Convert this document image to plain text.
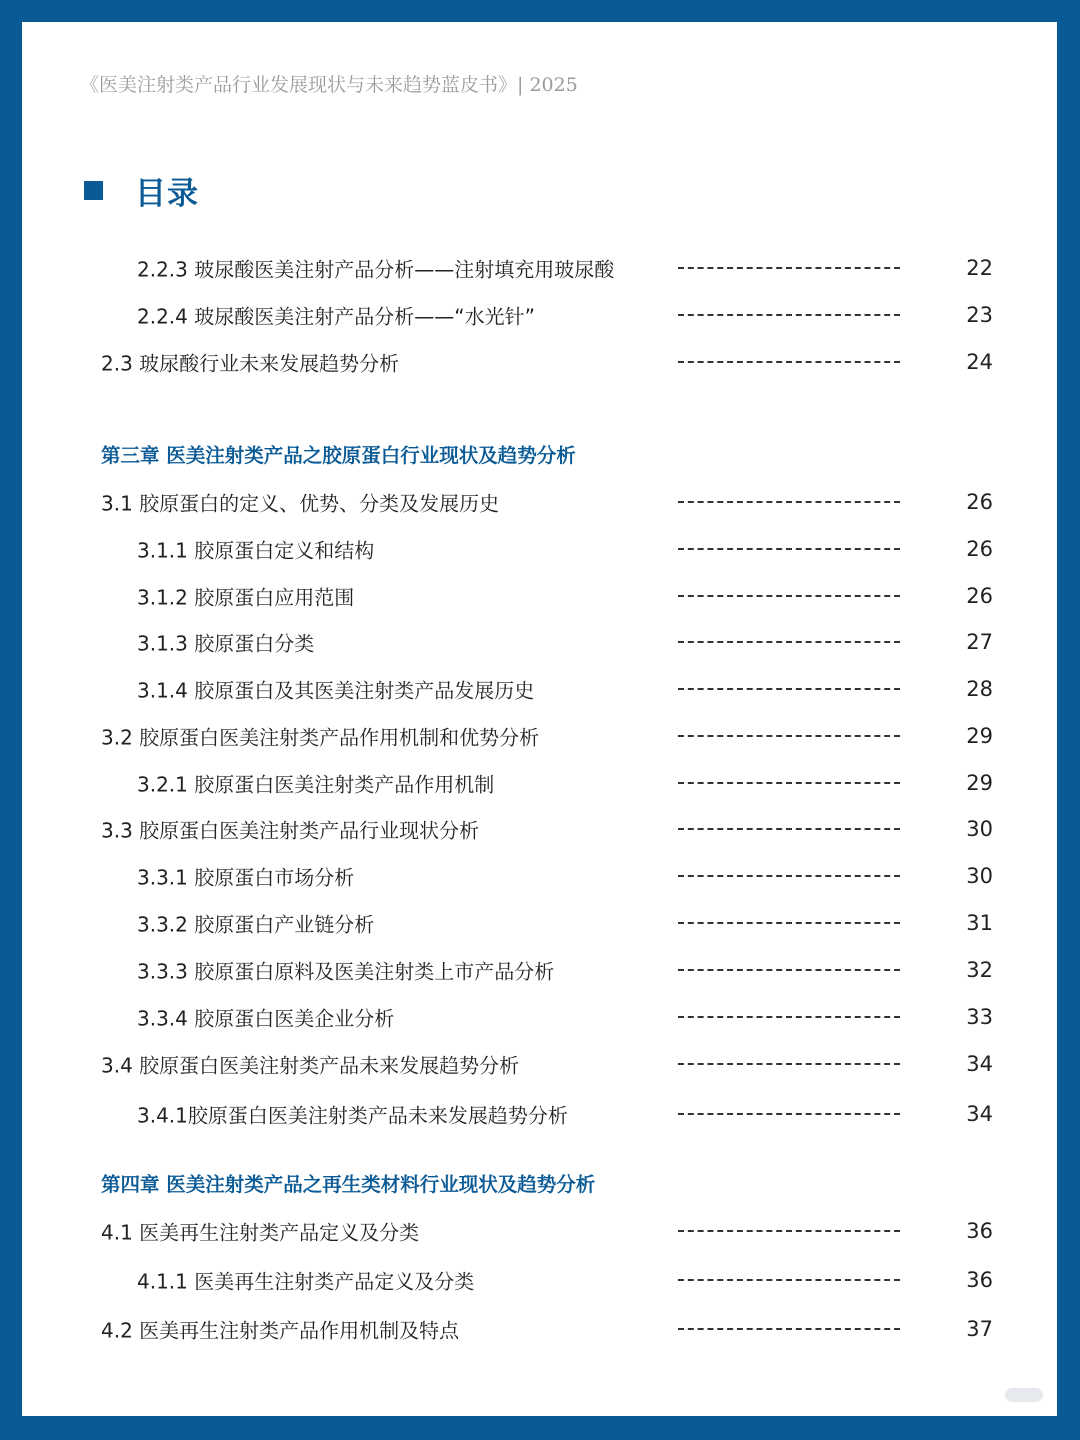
《医美注射类产品行业发展现状与未来趋势蓝皮书》| 2025
目录
2.2.3 玻尿酸医美注射产品分析——注射填充用玻尿酸	22
2.2.4 玻尿酸医美注射产品分析——“水光针”	23
2.3 玻尿酸行业未来发展趋势分析	24
第三章 医美注射类产品之胶原蛋白行业现状及趋势分析
3.1 胶原蛋白的定义、优势、分类及发展历史	26
3.1.1 胶原蛋白定义和结构	26
3.1.2 胶原蛋白应用范围	26
3.1.3 胶原蛋白分类	27
3.1.4 胶原蛋白及其医美注射类产品发展历史	28
3.2 胶原蛋白医美注射类产品作用机制和优势分析	29
3.2.1 胶原蛋白医美注射类产品作用机制	29
3.3 胶原蛋白医美注射类产品行业现状分析	30
3.3.1 胶原蛋白市场分析	30
3.3.2 胶原蛋白产业链分析	31
3.3.3 胶原蛋白原料及医美注射类上市产品分析	32
3.3.4 胶原蛋白医美企业分析	33
3.4 胶原蛋白医美注射类产品未来发展趋势分析	34
3.4.1胶原蛋白医美注射类产品未来发展趋势分析	34
第四章 医美注射类产品之再生类材料行业现状及趋势分析
4.1 医美再生注射类产品定义及分类	36
4.1.1 医美再生注射类产品定义及分类	36
4.2 医美再生注射类产品作用机制及特点	37
